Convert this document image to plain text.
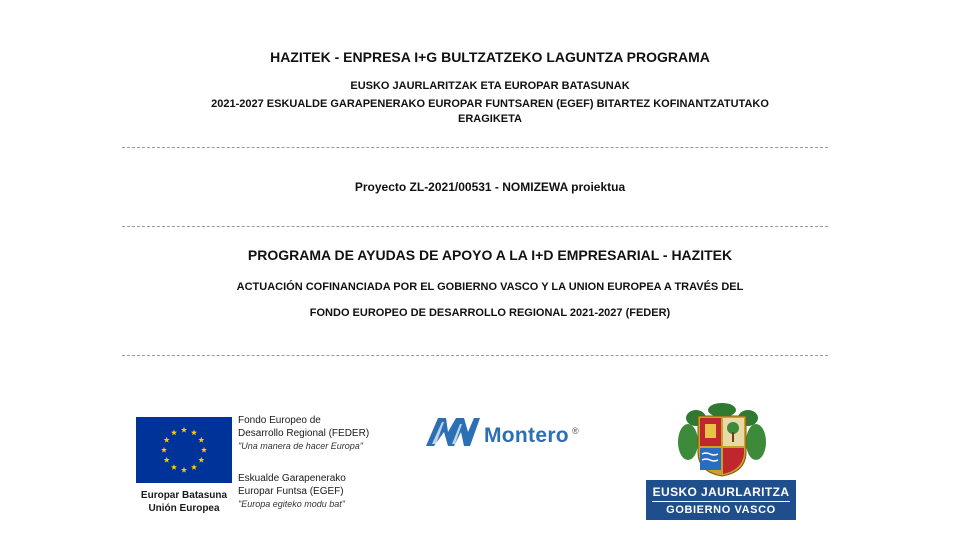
HAZITEK - ENPRESA I+G BULTZATZEKO LAGUNTZA PROGRAMA
EUSKO JAURLARITZAK ETA EUROPAR BATASUNAK
2021-2027 ESKUALDE GARAPENERAKO EUROPAR FUNTSAREN (EGEF) BITARTEZ KOFINANTZATUTAKO
ERAGIKETA
Proyecto ZL-2021/00531 - NOMIZEWA proiektua
PROGRAMA DE AYUDAS DE APOYO A LA I+D EMPRESARIAL - HAZITEK
ACTUACIÓN COFINANCIADA POR EL GOBIERNO VASCO Y LA UNION EUROPEA A TRAVÉS DEL
FONDO EUROPEO DE DESARROLLO REGIONAL 2021-2027 (FEDER)
Europar Batasuna
Unión Europea
Fondo Europeo de
Desarrollo Regional (FEDER)
"Una manera de hacer Europa"
Eskualde Garapenerako
Europar Funtsa (EGEF)
"Europa egiteko modu bat"
Montero ®
EUSKO JAURLARITZA
GOBIERNO VASCO
